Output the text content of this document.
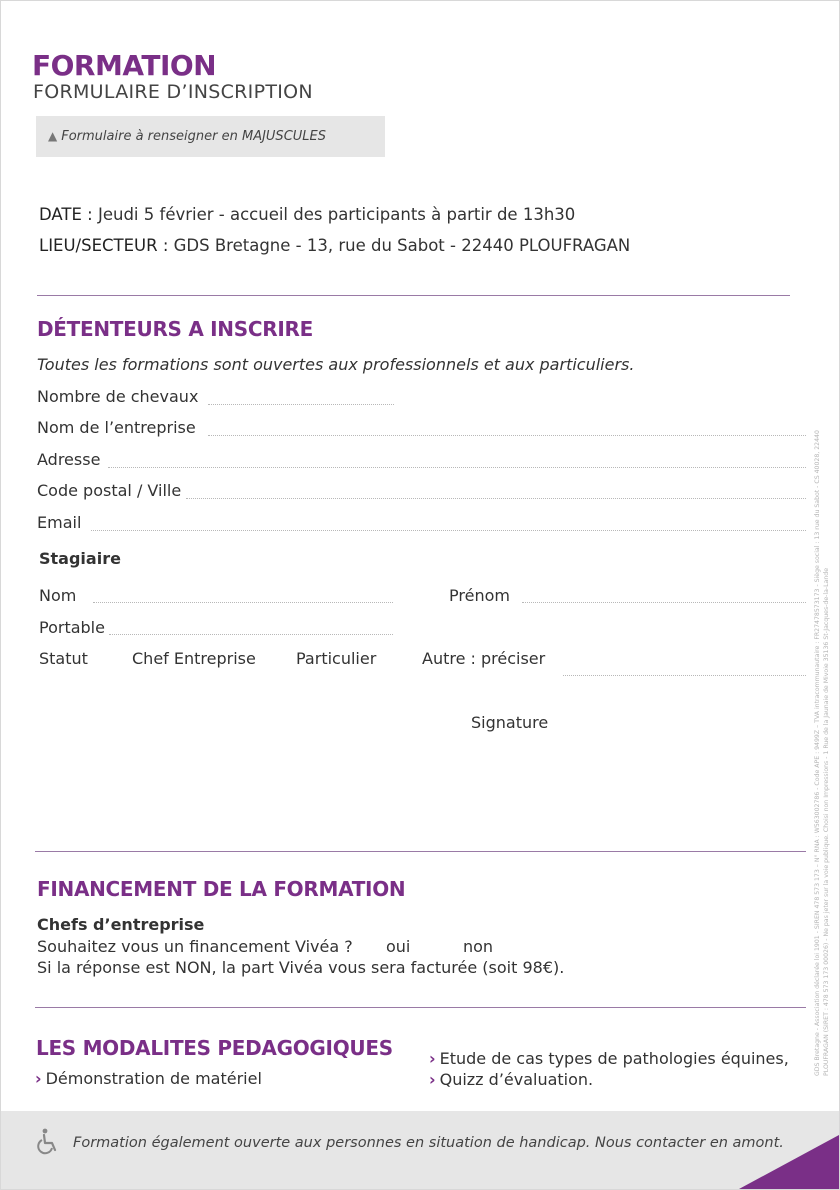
FORMATION
FORMULAIRE D’INSCRIPTION
▲ Formulaire à renseigner en MAJUSCULES
DATE : Jeudi 5 février - accueil des participants à partir de 13h30
LIEU/SECTEUR : GDS Bretagne - 13, rue du Sabot - 22440 PLOUFRAGAN
DÉTENTEURS A INSCRIRE
Toutes les formations sont ouvertes aux professionnels et aux particuliers.
Nombre de chevaux
Nom de l’entreprise
Adresse
Code postal / Ville
Email
Stagiaire
Nom	Prénom
Portable
Statut	Chef Entreprise	Particulier	Autre : préciser
Signature
FINANCEMENT DE LA FORMATION
Chefs d’entreprise
Souhaitez vous un financement Vivéa ? oui	non
Si la réponse est NON, la part Vivéa vous sera facturée (soit 98€).
LES MODALITES PEDAGOGIQUES
› Démonstration de matériel
› Etude de cas types de pathologies équines,
› Quizz d’évaluation.
GDS Bretagne - Association déclarée loi 1901 - SIREN 478 573 173 – N° RNA : W563002786 - Code APE : 9499Z – TVA intracommunautaire : FR27478573173 - Siège social : 13 rue du Sabot - CS 40028, 22440 PLOUFRAGAN (SIRET : 478 573 173 00026) - Ne pas jeter sur la voie publique. Choisi non Impressions - 1 Rue de la Jaunaie de Mivoie 35136 St-Jacques-de-la-Lande
Formation également ouverte aux personnes en situation de handicap. Nous contacter en amont.
